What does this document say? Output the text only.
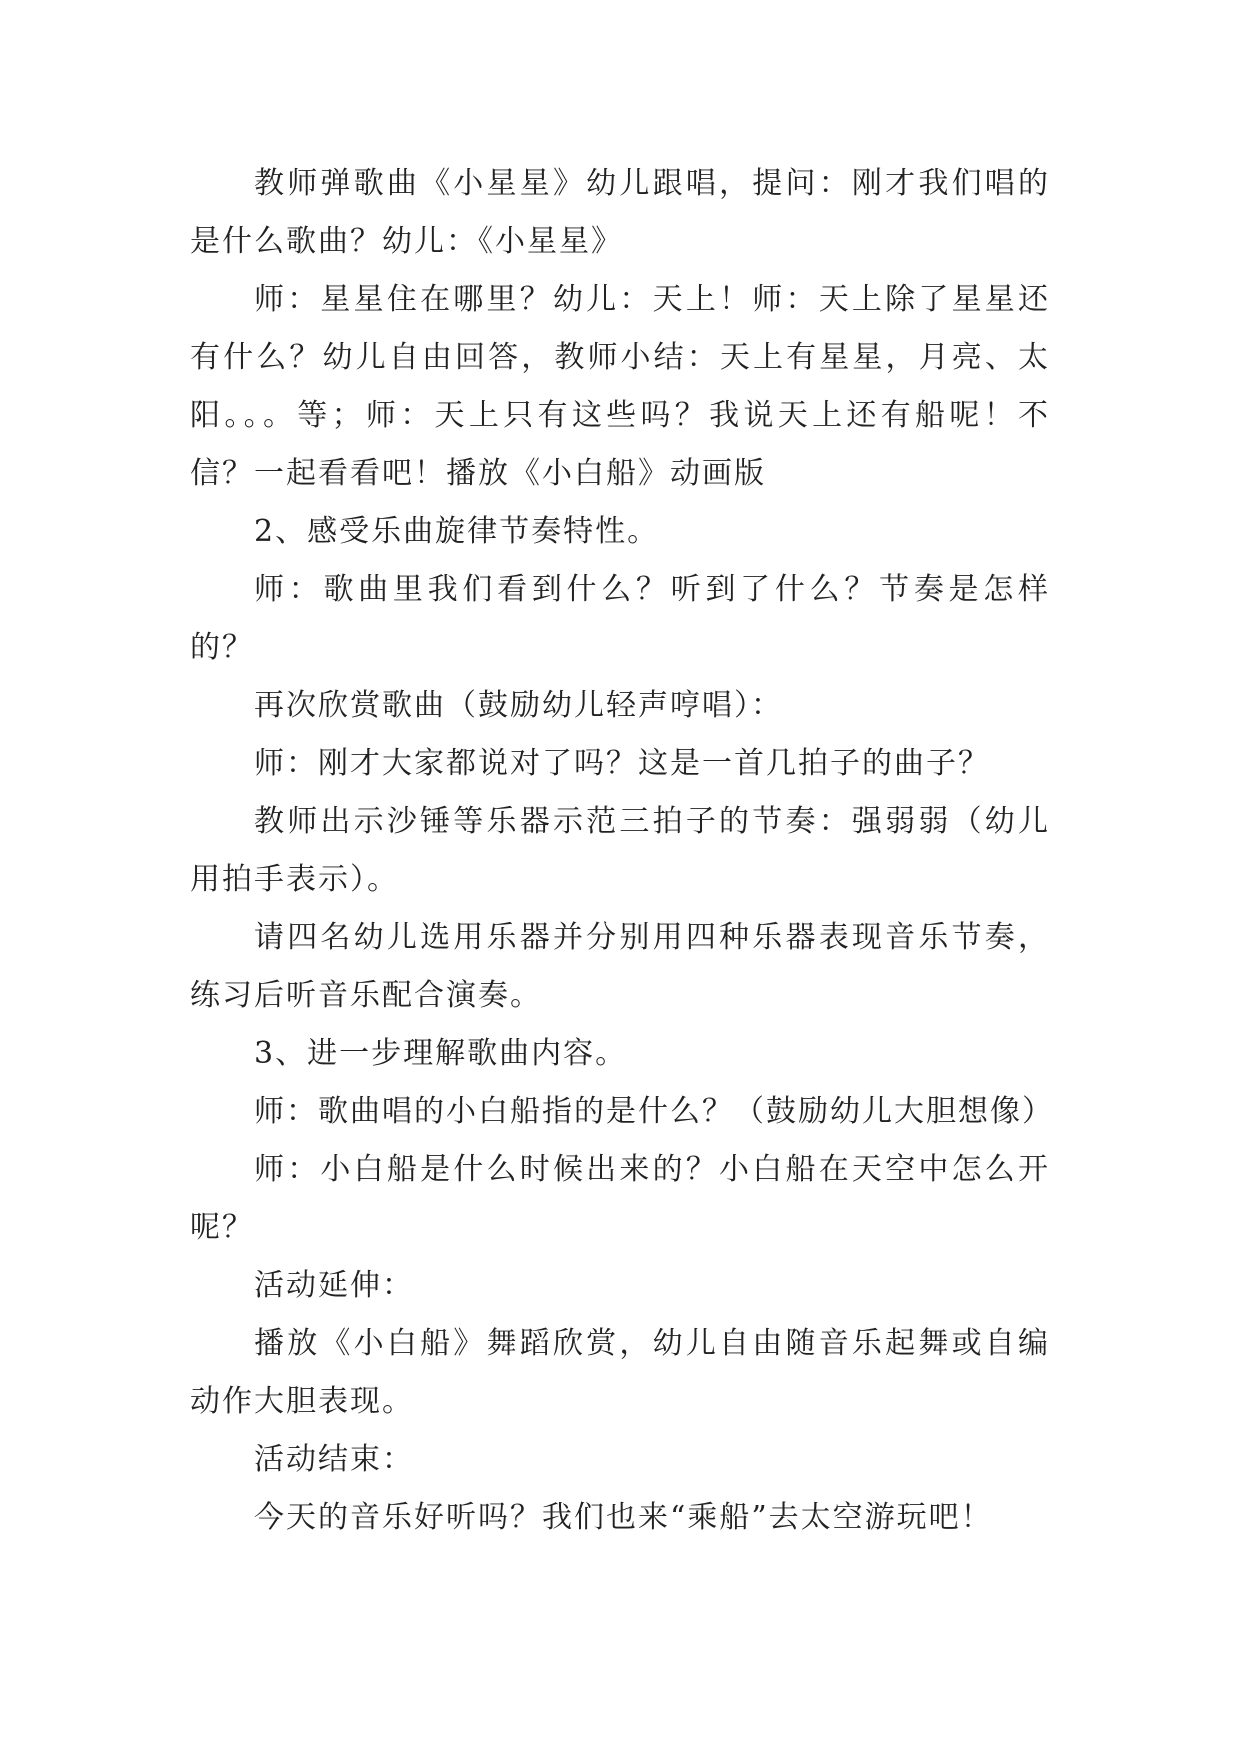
教师弹歌曲《小星星》幼儿跟唱，提问：刚才我们唱的是什么歌曲？幼儿：《小星星》

师：星星住在哪里？幼儿：天上！师：天上除了星星还有什么？幼儿自由回答，教师小结：天上有星星，月亮、太阳。。。等；师：天上只有这些吗？我说天上还有船呢！不信？一起看看吧！播放《小白船》动画版

2、感受乐曲旋律节奏特性。

师：歌曲里我们看到什么？听到了什么？节奏是怎样的？

再次欣赏歌曲（鼓励幼儿轻声哼唱）：

师：刚才大家都说对了吗？这是一首几拍子的曲子？

教师出示沙锤等乐器示范三拍子的节奏：强弱弱（幼儿用拍手表示）。

请四名幼儿选用乐器并分别用四种乐器表现音乐节奏，练习后听音乐配合演奏。

3、进一步理解歌曲内容。

师：歌曲唱的小白船指的是什么？（鼓励幼儿大胆想像）

师：小白船是什么时候出来的？小白船在天空中怎么开呢？

活动延伸：

播放《小白船》舞蹈欣赏，幼儿自由随音乐起舞或自编动作大胆表现。

活动结束：

今天的音乐好听吗？我们也来“乘船”去太空游玩吧！
